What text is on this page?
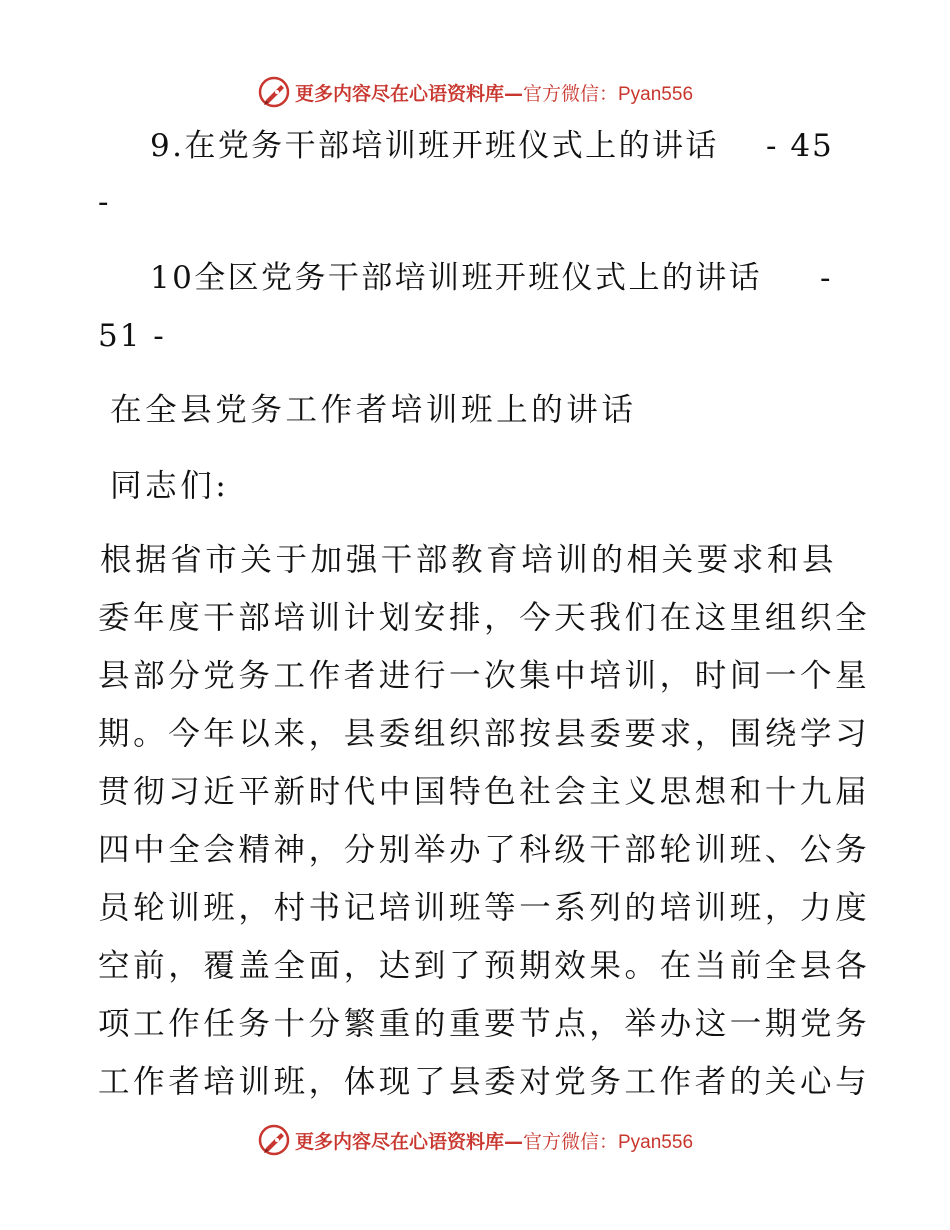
更多内容尽在心语资料库— 官方微信：Pyan556
9.在党务干部培训班开班仪式上的讲话	- 45
-
10全区党务干部培训班开班仪式上的讲话	-
51 -
在全县党务工作者培训班上的讲话
同志们:
根据省市关于加强干部教育培训的相关要求和县
委年度干部培训计划安排，今天我们在这里组织全
县部分党务工作者进行一次集中培训，时间一个星
期。今年以来，县委组织部按县委要求，围绕学习
贯彻习近平新时代中国特色社会主义思想和十九届
四中全会精神，分别举办了科级干部轮训班、公务
员轮训班，村书记培训班等一系列的培训班，力度
空前，覆盖全面，达到了预期效果。在当前全县各
项工作任务十分繁重的重要节点，举办这一期党务
工作者培训班，体现了县委对党务工作者的关心与
更多内容尽在心语资料库— 官方微信：Pyan556
